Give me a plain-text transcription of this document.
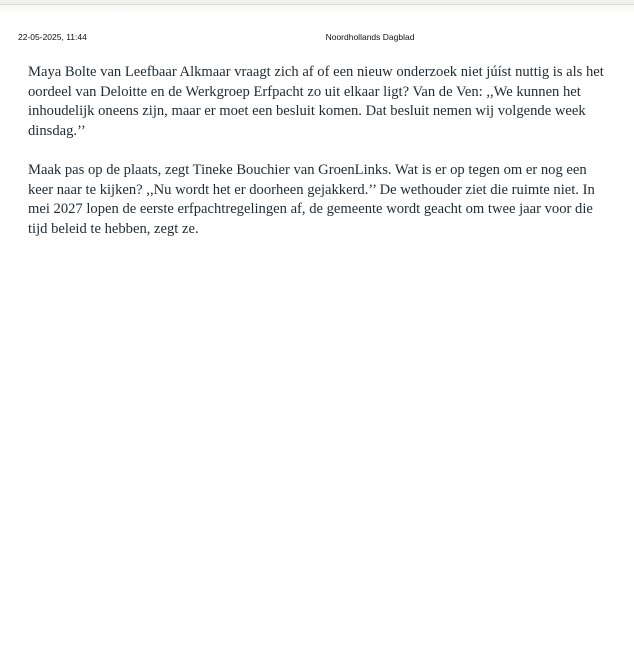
22-05-2025, 11:44	Noordhollands Dagblad

Maya Bolte van Leefbaar Alkmaar vraagt zich af of een nieuw onderzoek niet júíst nuttig is als het oordeel van Deloitte en de Werkgroep Erfpacht zo uit elkaar ligt? Van de Ven: ,,We kunnen het inhoudelijk oneens zijn, maar er moet een besluit komen. Dat besluit nemen wij volgende week dinsdag.’’

Maak pas op de plaats, zegt Tineke Bouchier van GroenLinks. Wat is er op tegen om er nog een keer naar te kijken? ,,Nu wordt het er doorheen gejakkerd.’’ De wethouder ziet die ruimte niet. In mei 2027 lopen de eerste erfpachtregelingen af, de gemeente wordt geacht om twee jaar voor die tijd beleid te hebben, zegt ze.
